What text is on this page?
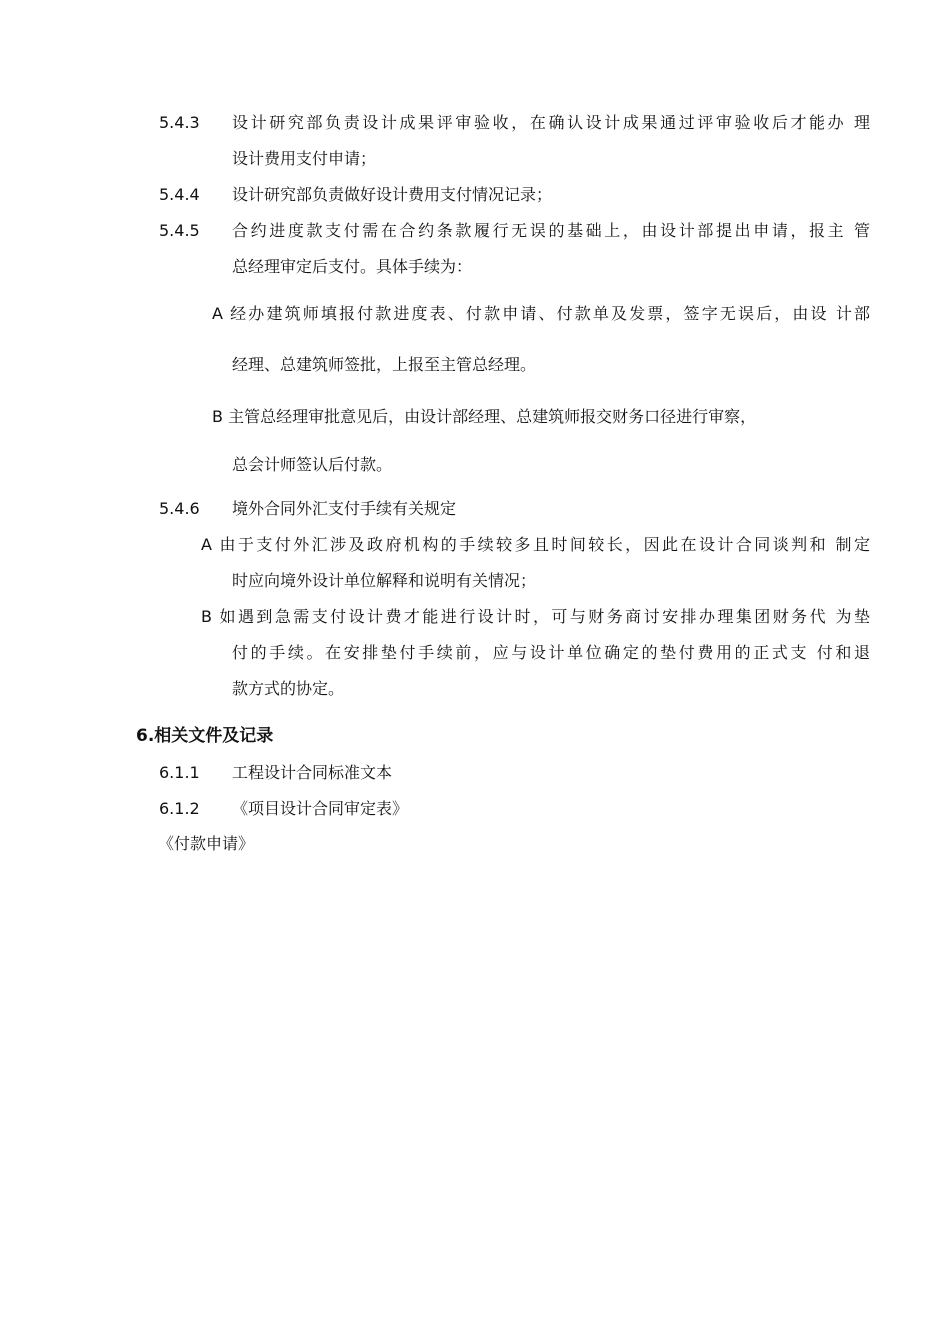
5.4.3 设计研究部负责设计成果评审验收，在确认设计成果通过评审验收后才能办 理
设计费用支付申请；
5.4.4 设计研究部负责做好设计费用支付情况记录；
5.4.5 合约进度款支付需在合约条款履行无误的基础上，由设计部提出申请，报主 管
总经理审定后支付。具体手续为：
A 经办建筑师填报付款进度表、付款申请、付款单及发票，签字无误后，由设 计部
经理、总建筑师签批，上报至主管总经理。
B 主管总经理审批意见后，由设计部经理、总建筑师报交财务口径进行审察，
总会计师签认后付款。
5.4.6 境外合同外汇支付手续有关规定
A 由于支付外汇涉及政府机构的手续较多且时间较长，因此在设计合同谈判和 制定
时应向境外设计单位解释和说明有关情况；
B 如遇到急需支付设计费才能进行设计时，可与财务商讨安排办理集团财务代 为垫
付的手续。在安排垫付手续前，应与设计单位确定的垫付费用的正式支 付和退
款方式的协定。
6.相关文件及记录
6.1.1 工程设计合同标准文本
6.1.2 《项目设计合同审定表》
《付款申请》
